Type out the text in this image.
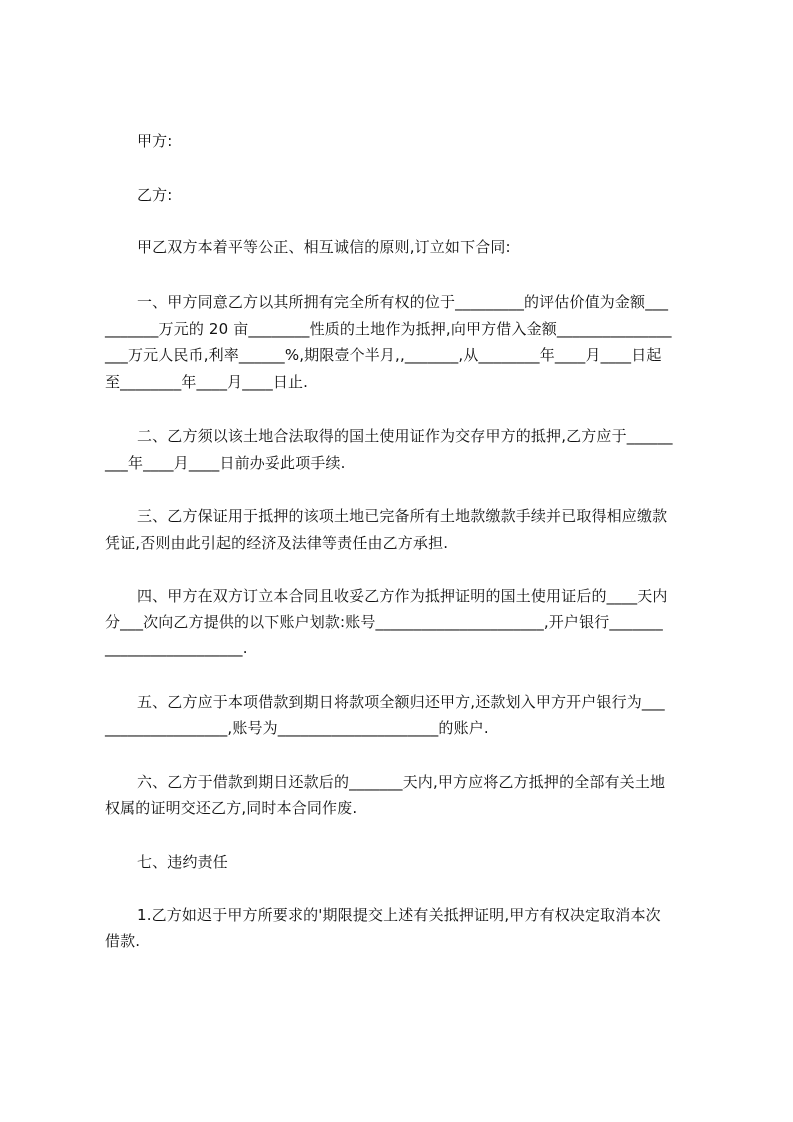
甲方:
乙方:
甲乙双方本着平等公正、相互诚信的原则,订立如下合同:
一、甲方同意乙方以其所拥有完全所有权的位于_________的评估价值为金额___
_______万元的 20 亩________性质的土地作为抵押,向甲方借入金额_______________
___万元人民币,利率______%,期限壹个半月,,_______,从________年____月____日起
至________年____月____日止.
二、乙方须以该土地合法取得的国土使用证作为交存甲方的抵押,乙方应于______
___年____月____日前办妥此项手续.
三、乙方保证用于抵押的该项土地已完备所有土地款缴款手续并已取得相应缴款
凭证,否则由此引起的经济及法律等责任由乙方承担.
四、甲方在双方订立本合同且收妥乙方作为抵押证明的国土使用证后的____天内
分___次向乙方提供的以下账户划款:账号______________________,开户银行_______
__________________.
五、乙方应于本项借款到期日将款项全额归还甲方,还款划入甲方开户银行为___
________________,账号为_____________________的账户.
六、乙方于借款到期日还款后的_______天内,甲方应将乙方抵押的全部有关土地
权属的证明交还乙方,同时本合同作废.
七、违约责任
1.乙方如迟于甲方所要求的'期限提交上述有关抵押证明,甲方有权决定取消本次
借款.
